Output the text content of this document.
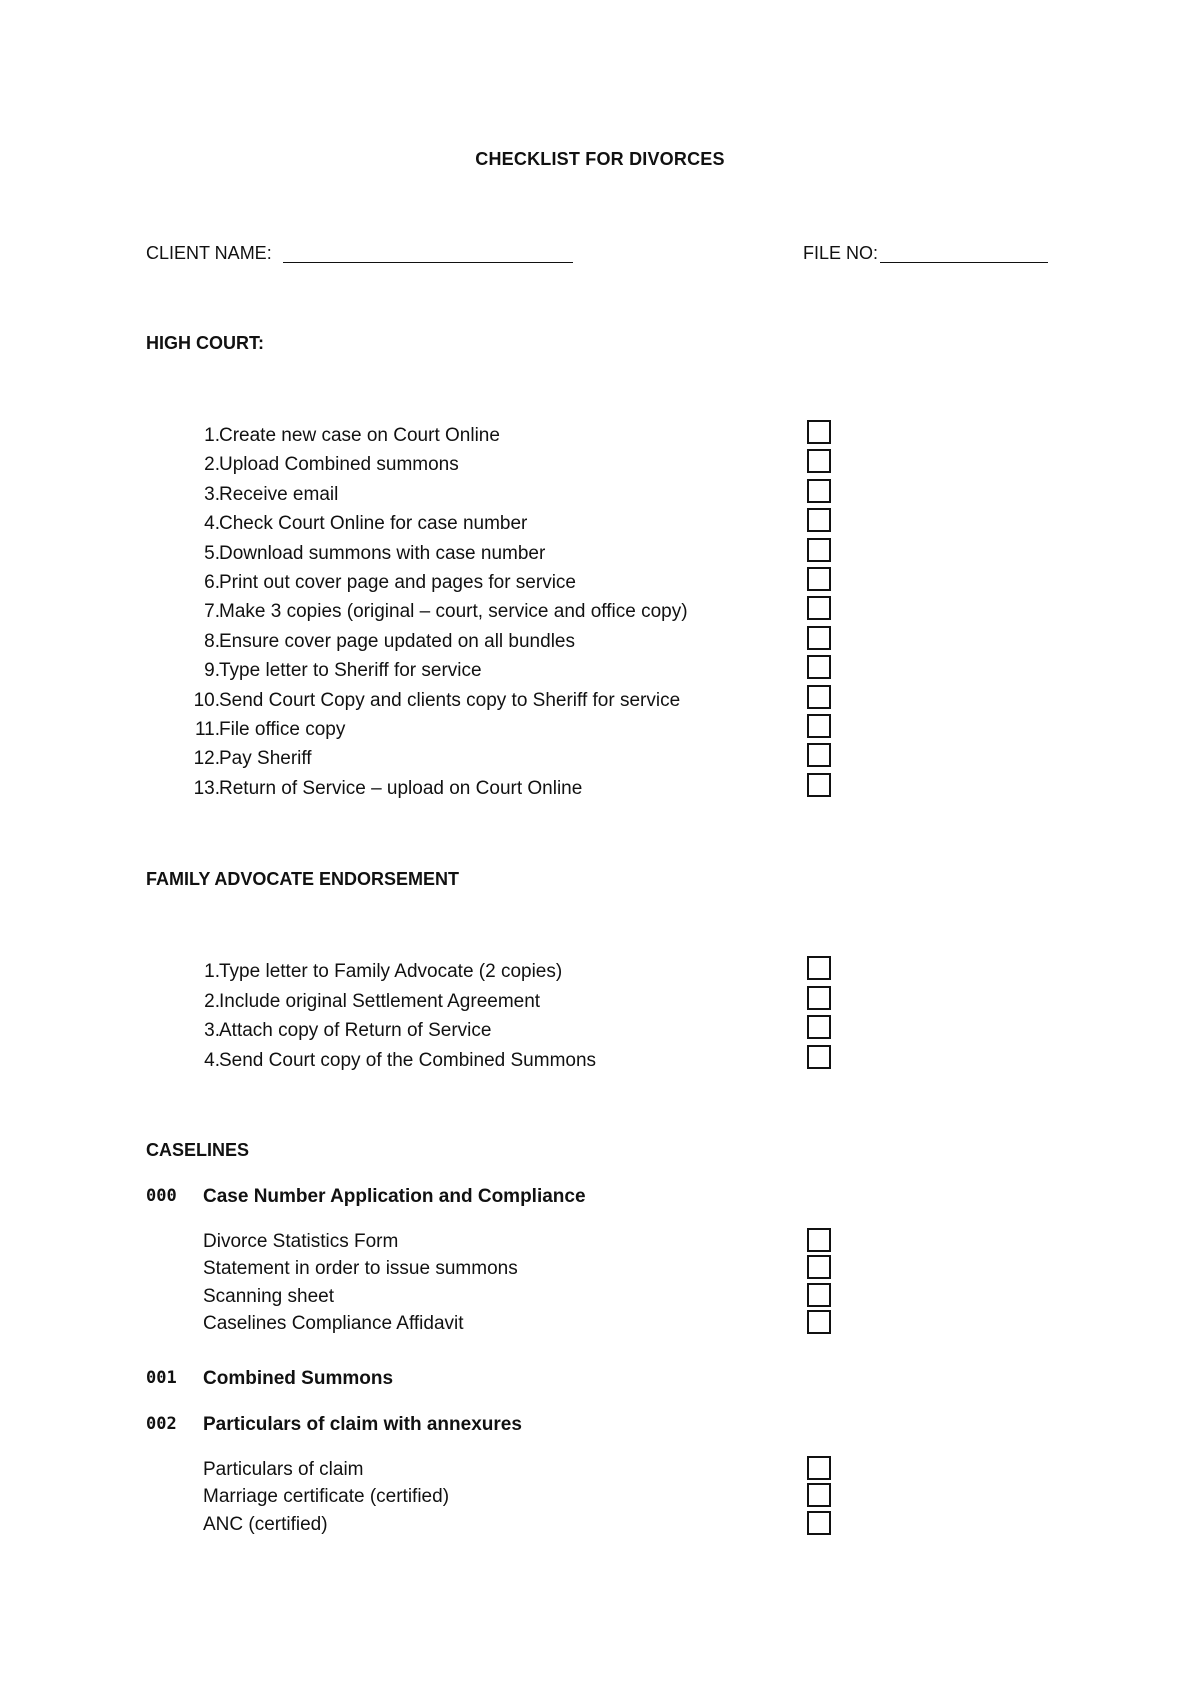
CHECKLIST FOR DIVORCES
CLIENT NAME:	FILE NO:
HIGH COURT:
1. Create new case on Court Online
2. Upload Combined summons
3. Receive email
4. Check Court Online for case number
5. Download summons with case number
6. Print out cover page and pages for service
7. Make 3 copies (original – court, service and office copy)
8. Ensure cover page updated on all bundles
9. Type letter to Sheriff for service
10. Send Court Copy and clients copy to Sheriff for service
11. File office copy
12. Pay Sheriff
13. Return of Service – upload on Court Online
FAMILY ADVOCATE ENDORSEMENT
1. Type letter to Family Advocate (2 copies)
2. Include original Settlement Agreement
3. Attach copy of Return of Service
4. Send Court copy of the Combined Summons
CASELINES
000 Case Number Application and Compliance
Divorce Statistics Form
Statement in order to issue summons
Scanning sheet
Caselines Compliance Affidavit
001 Combined Summons
002 Particulars of claim with annexures
Particulars of claim
Marriage certificate (certified)
ANC (certified)
